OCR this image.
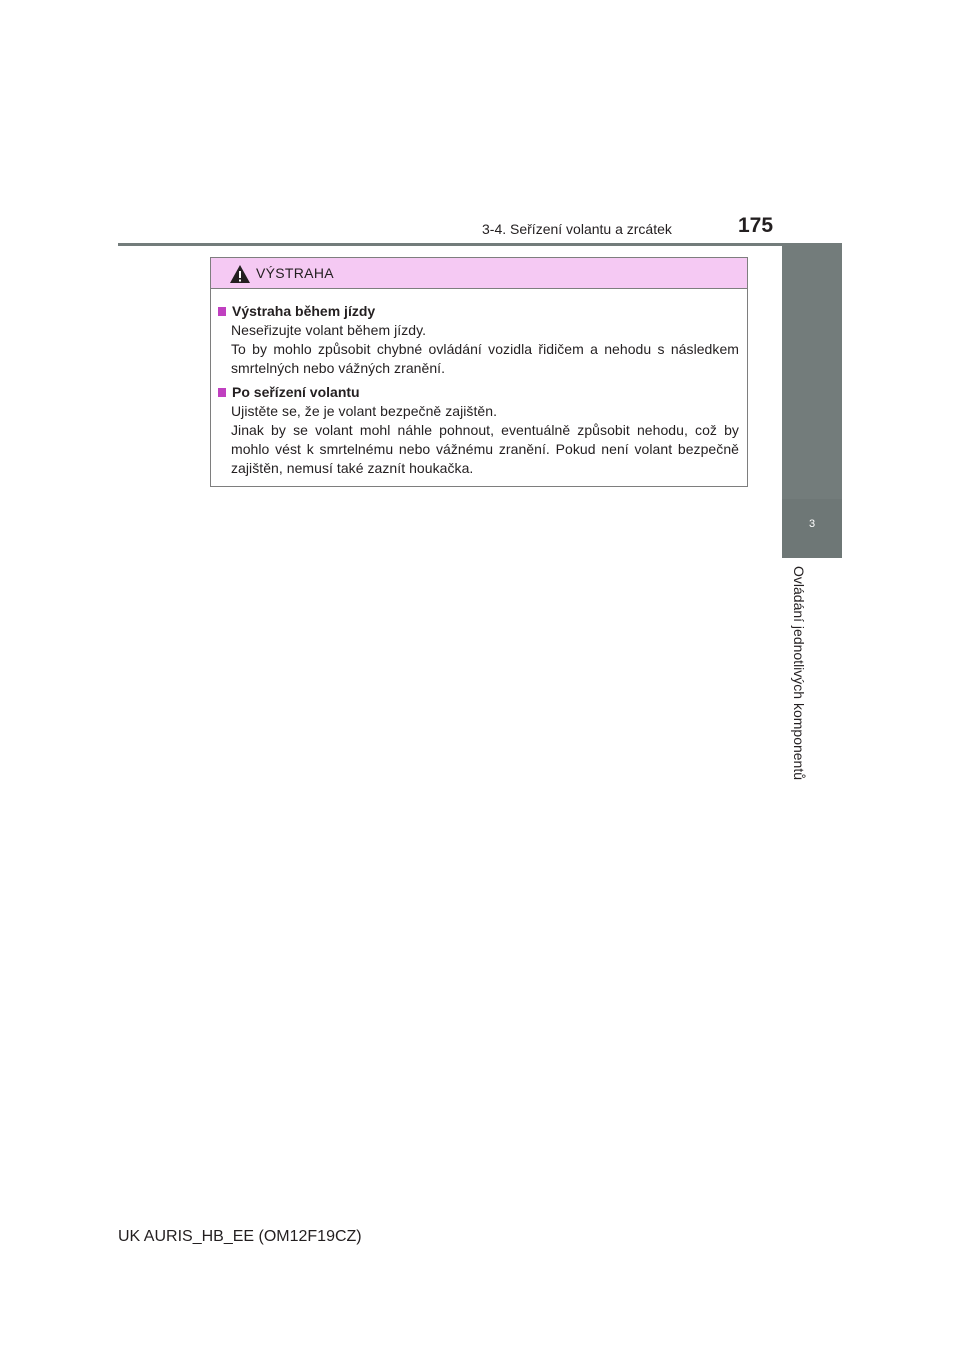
3-4. Seřízení volantu a zrcátek	175
3
Ovládání jednotlivých komponentů
VÝSTRAHA
Výstraha během jízdy
Neseřizujte volant během jízdy.
To by mohlo způsobit chybné ovládání vozidla řidičem a nehodu s následkem smrtelných nebo vážných zranění.
Po seřízení volantu
Ujistěte se, že je volant bezpečně zajištěn.
Jinak by se volant mohl náhle pohnout, eventuálně způsobit nehodu, což by mohlo vést k smrtelnému nebo vážnému zranění. Pokud není volant bezpečně zajištěn, nemusí také zaznít houkačka.
UK AURIS_HB_EE (OM12F19CZ)
